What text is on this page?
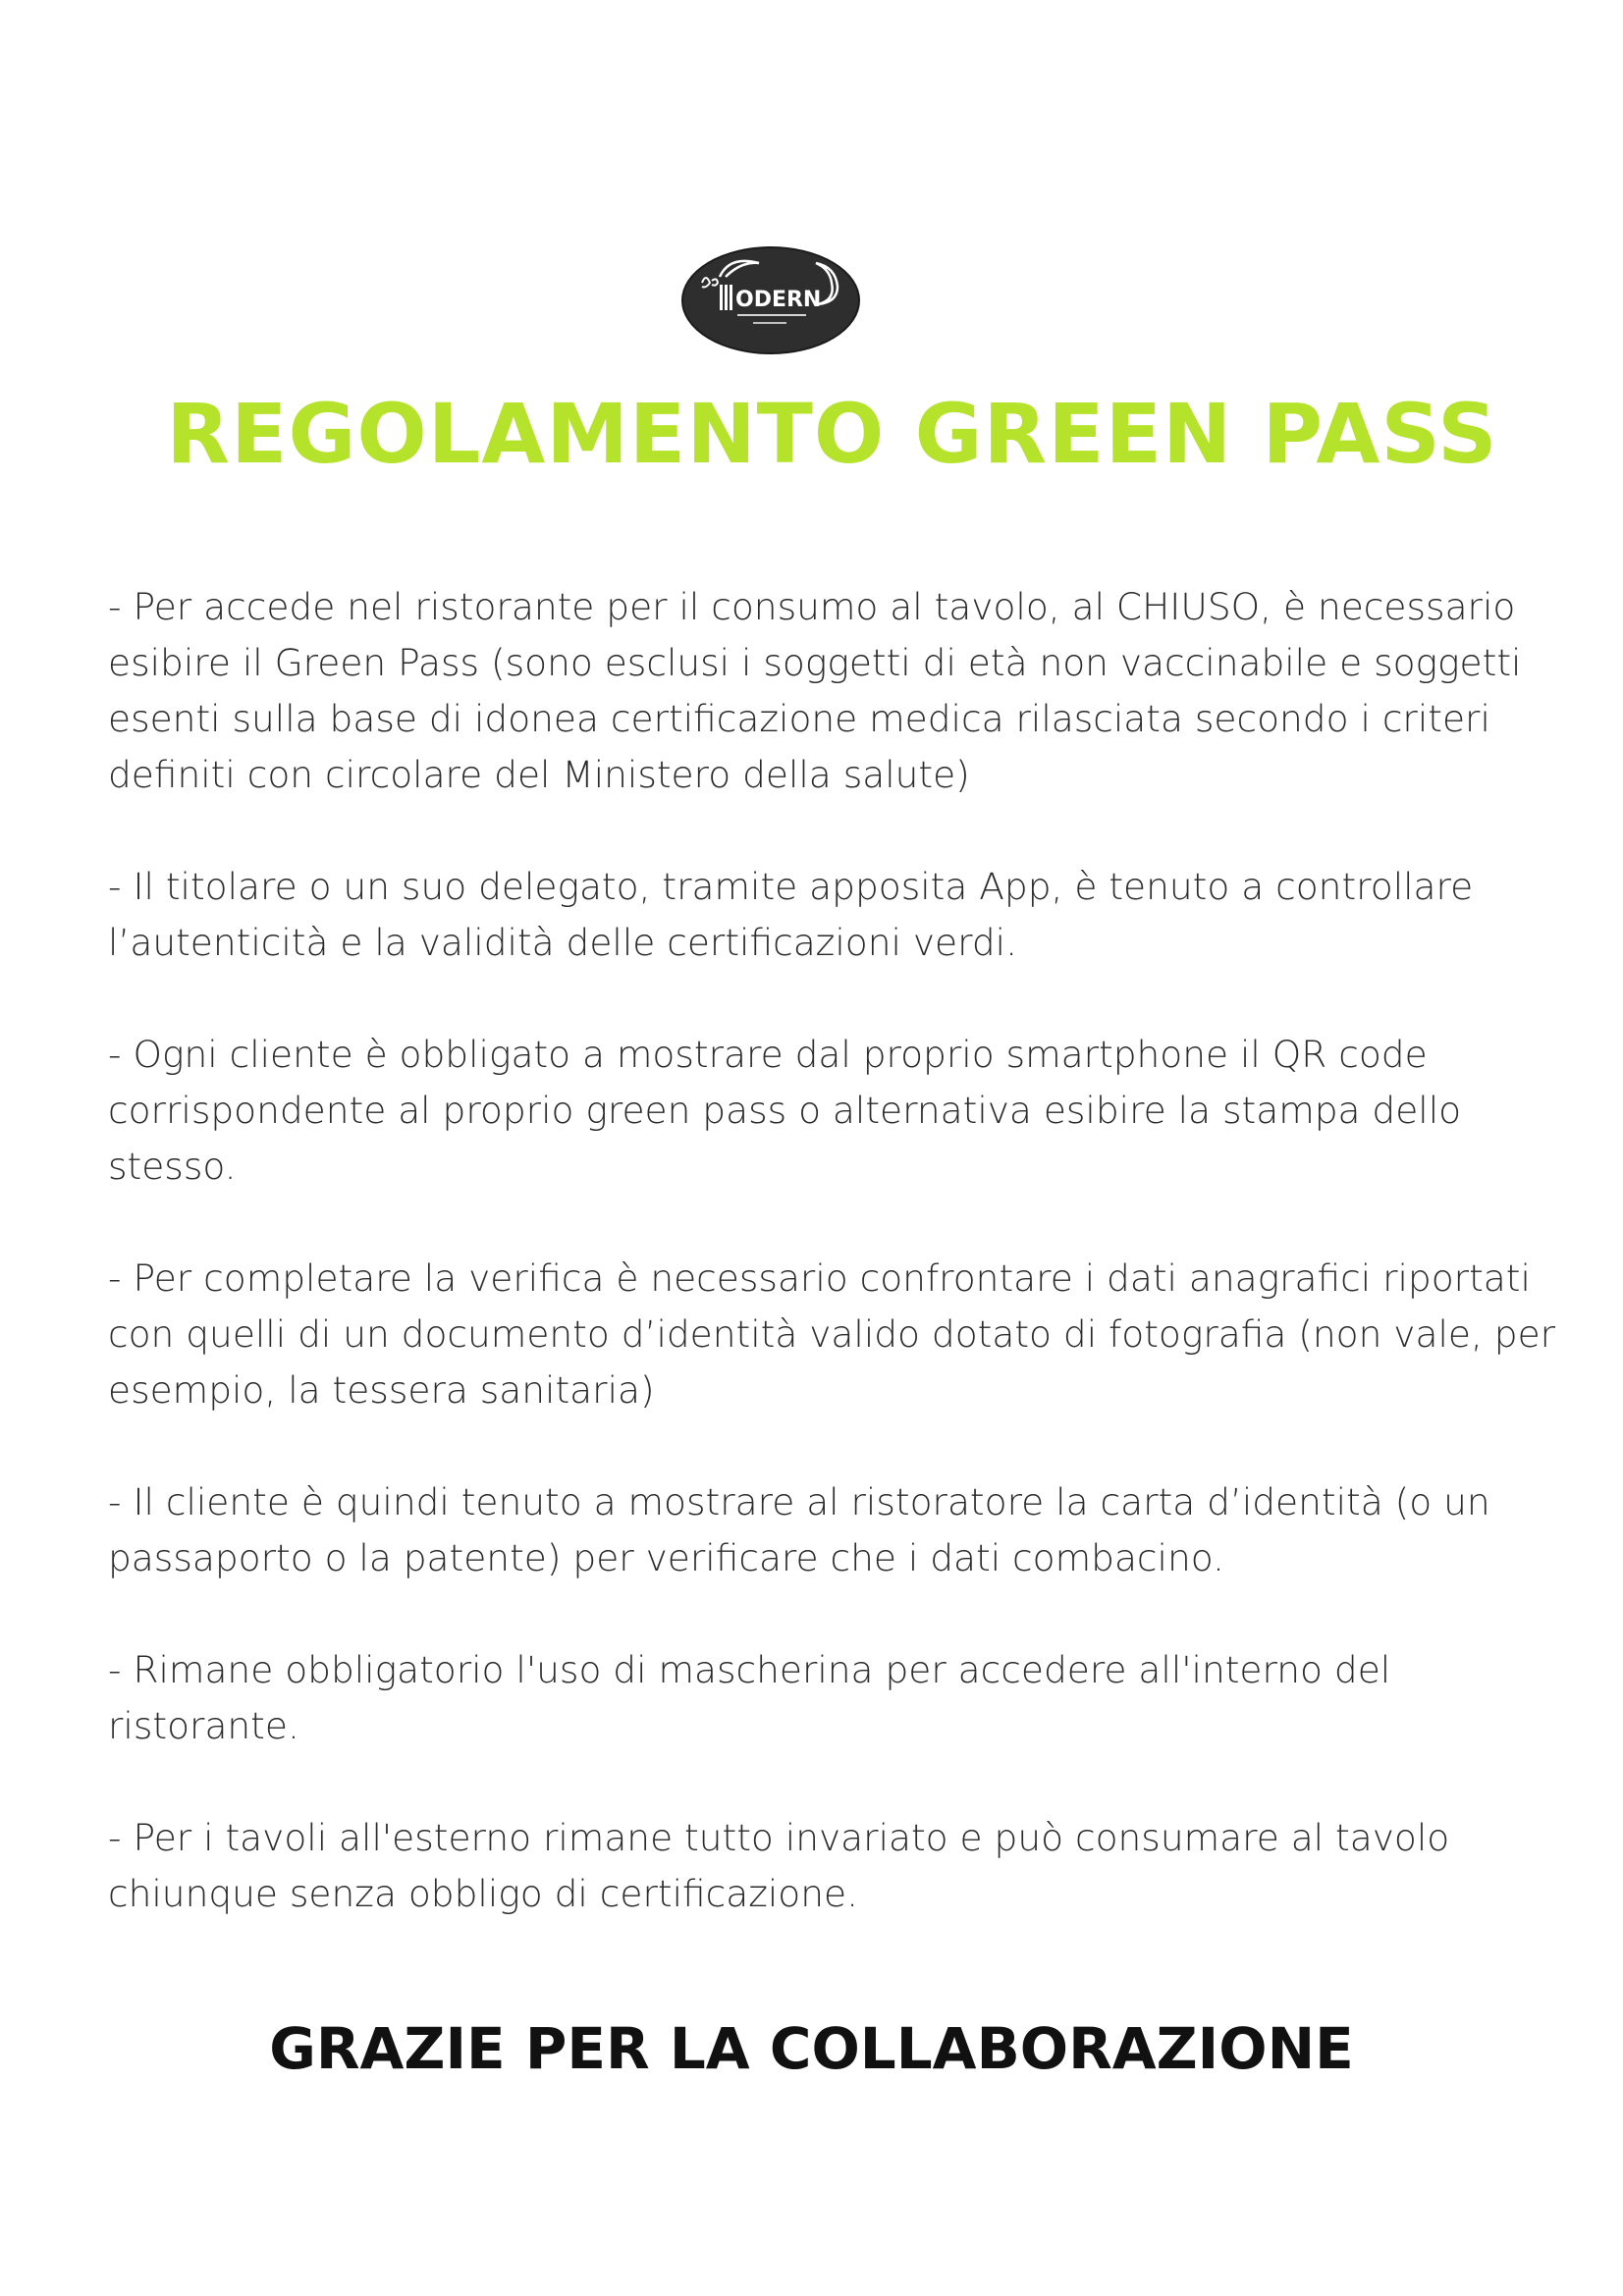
ODERN
REGOLAMENTO GREEN PASS

- Per accede nel ristorante per il consumo al tavolo, al CHIUSO, è necessario esibire il Green Pass (sono esclusi i soggetti di età non vaccinabile e soggetti esenti sulla base di idonea certificazione medica rilasciata secondo i criteri definiti con circolare del Ministero della salute)

- Il titolare o un suo delegato, tramite apposita App, è tenuto a controllare l’autenticità e la validità delle certificazioni verdi.

- Ogni cliente è obbligato a mostrare dal proprio smartphone il QR code corrispondente al proprio green pass o alternativa esibire la stampa dello stesso.

- Per completare la verifica è necessario confrontare i dati anagrafici riportati con quelli di un documento d’identità valido dotato di fotografia (non vale, per esempio, la tessera sanitaria)

- Il cliente è quindi tenuto a mostrare al ristoratore la carta d’identità (o un passaporto o la patente) per verificare che i dati combacino.

- Rimane obbligatorio l'uso di mascherina per accedere all'interno del ristorante.

- Per i tavoli all'esterno rimane tutto invariato e può consumare al tavolo chiunque senza obbligo di certificazione.

GRAZIE PER LA COLLABORAZIONE
